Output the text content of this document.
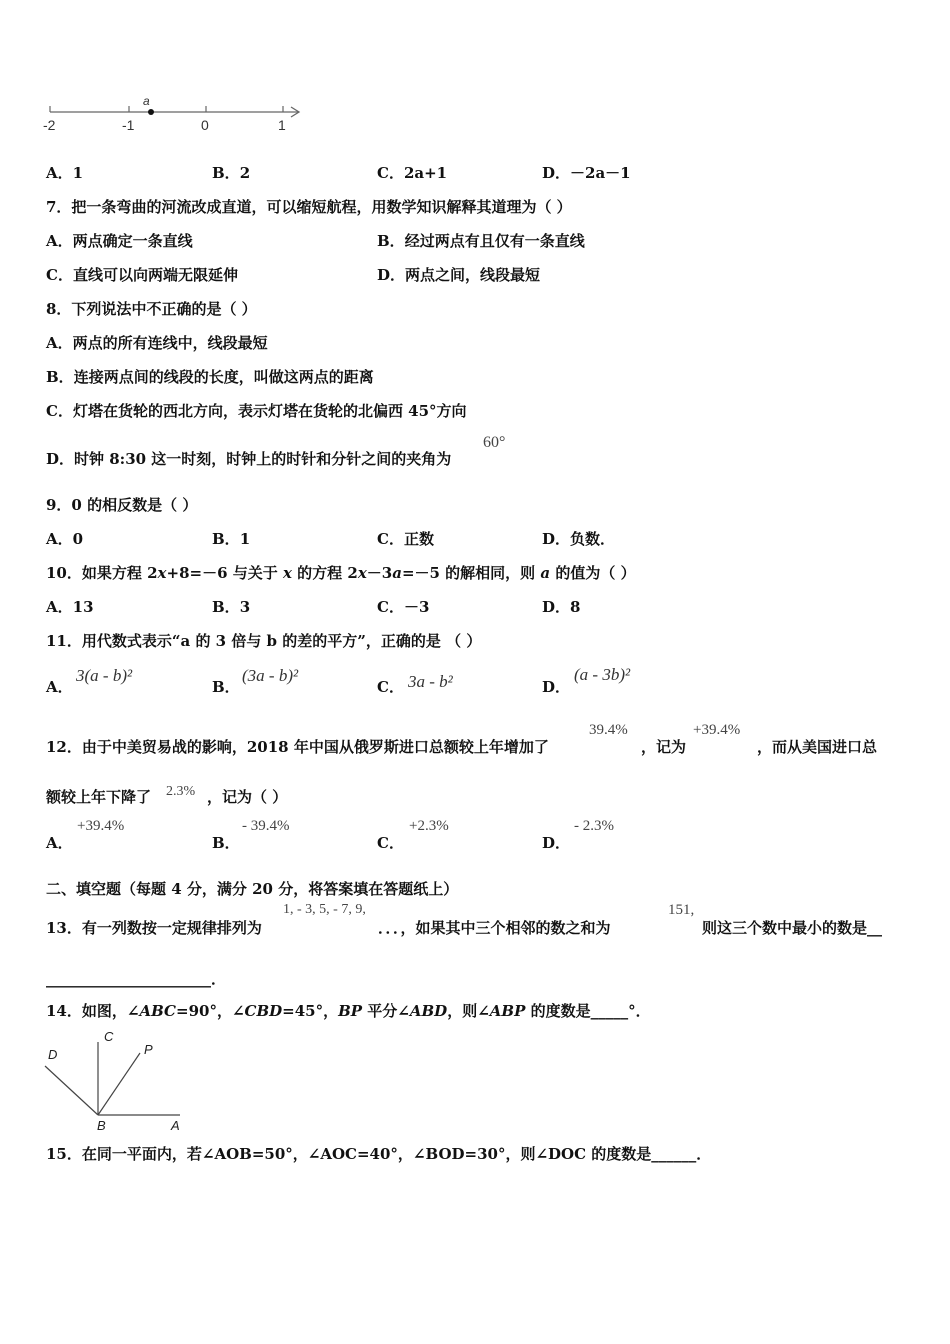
a
-2	-1	0	1
A．1	B．2	C．2a+1	D．－2a－1
7．把一条弯曲的河流改成直道，可以缩短航程，用数学知识解释其道理为（ ）
A．两点确定一条直线	B．经过两点有且仅有一条直线
C．直线可以向两端无限延伸	D．两点之间，线段最短
8．下列说法中不正确的是（ ）
A．两点的所有连线中，线段最短
B．连接两点间的线段的长度，叫做这两点的距离
C．灯塔在货轮的西北方向，表示灯塔在货轮的北偏西 45°方向
D．时钟 8:30 这一时刻，时钟上的时针和分针之间的夹角为
60°
9．0 的相反数是（ ）
A．0	B．1	C．正数	D．负数．
10．如果方程 2x+8=－6 与关于 x 的方程 2x－3a=－5 的解相同，则 a 的值为（ ）
A．13	B．3	C．－3	D．8
11．用代数式表示“a 的 3 倍与 b 的差的平方”，正确的是 （ ）
A．
3(a - b)²
B．
(3a - b)²
C． 3a - b²	D．
(a - 3b)²
12．由于中美贸易战的影响，2018 年中国从俄罗斯进口总额较上年增加了
39.4%
，记为
+39.4%
，而从美国进口总
额较上年下降了 2.3% ，记为（ ）
A．
+39.4%
B．
- 39.4%
C．
+2.3%
D．
- 2.3%
二、填空题（每题 4 分，满分 20 分，将答案填在答题纸上）
13．有一列数按一定规律排列为
1, - 3, 5, - 7, 9,
．．．，如果其中三个相邻的数之和为
151,
则这三个数中最小的数是__
______________________．
14．如图，∠ABC=90°，∠CBD=45°，BP 平分∠ABD，则∠ABP 的度数是_____°．
D
C
P
B	A
15．在同一平面内，若∠AOB=50°，∠AOC=40°，∠BOD=30°，则∠DOC 的度数是______．
